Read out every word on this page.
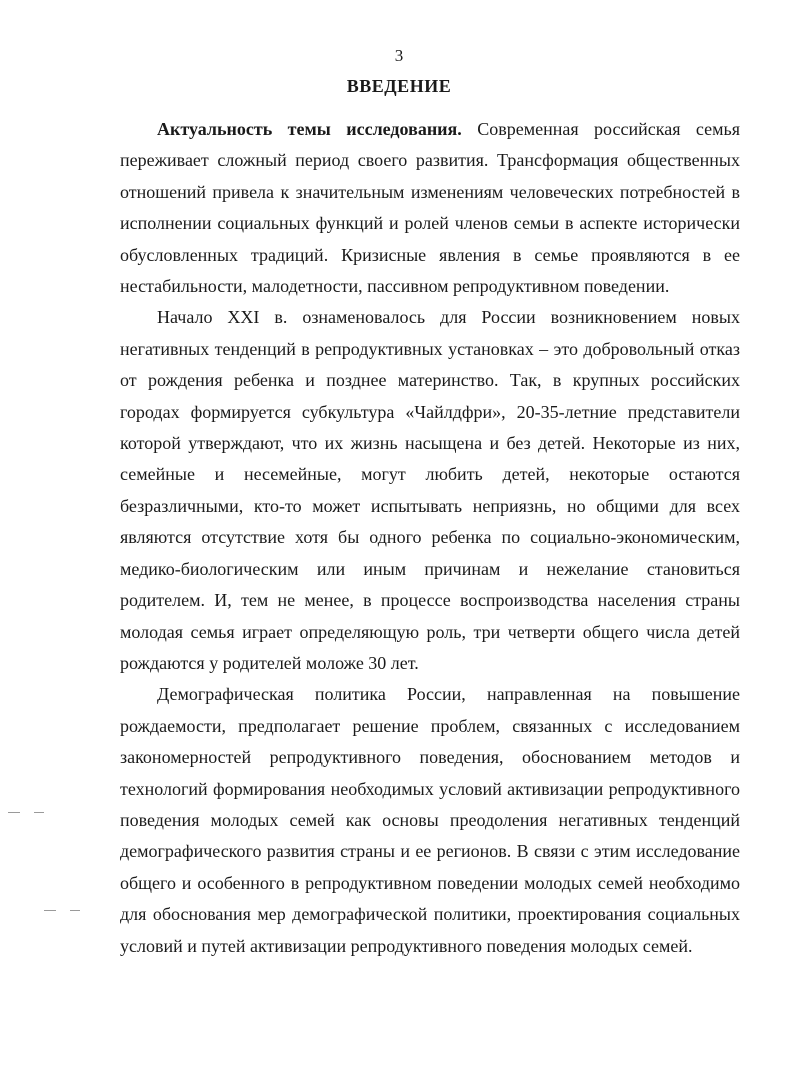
3
ВВЕДЕНИЕ

Актуальность темы исследования. Современная российская семья переживает сложный период своего развития. Трансформация общественных отношений привела к значительным изменениям человеческих потребностей в исполнении социальных функций и ролей членов семьи в аспекте исторически обусловленных традиций. Кризисные явления в семье проявляются в ее нестабильности, малодетности, пассивном репродуктивном поведении.

Начало XXI в. ознаменовалось для России возникновением новых негативных тенденций в репродуктивных установках – это добровольный отказ от рождения ребенка и позднее материнство. Так, в крупных российских городах формируется субкультура «Чайлдфри», 20-35-летние представители которой утверждают, что их жизнь насыщена и без детей. Некоторые из них, семейные и несемейные, могут любить детей, некоторые остаются безразличными, кто-то может испытывать неприязнь, но общими для всех являются отсутствие хотя бы одного ребенка по социально-экономическим, медико-биологическим или иным причинам и нежелание становиться родителем. И, тем не менее, в процессе воспроизводства населения страны молодая семья играет определяющую роль, три четверти общего числа детей рождаются у родителей моложе 30 лет.

Демографическая политика России, направленная на повышение рождаемости, предполагает решение проблем, связанных с исследованием закономерностей репродуктивного поведения, обоснованием методов и технологий формирования необходимых условий активизации репродуктивного поведения молодых семей как основы преодоления негативных тенденций демографического развития страны и ее регионов. В связи с этим исследование общего и особенного в репродуктивном поведении молодых семей необходимо для обоснования мер демографической политики, проектирования социальных условий и путей активизации репродуктивного поведения молодых семей.
